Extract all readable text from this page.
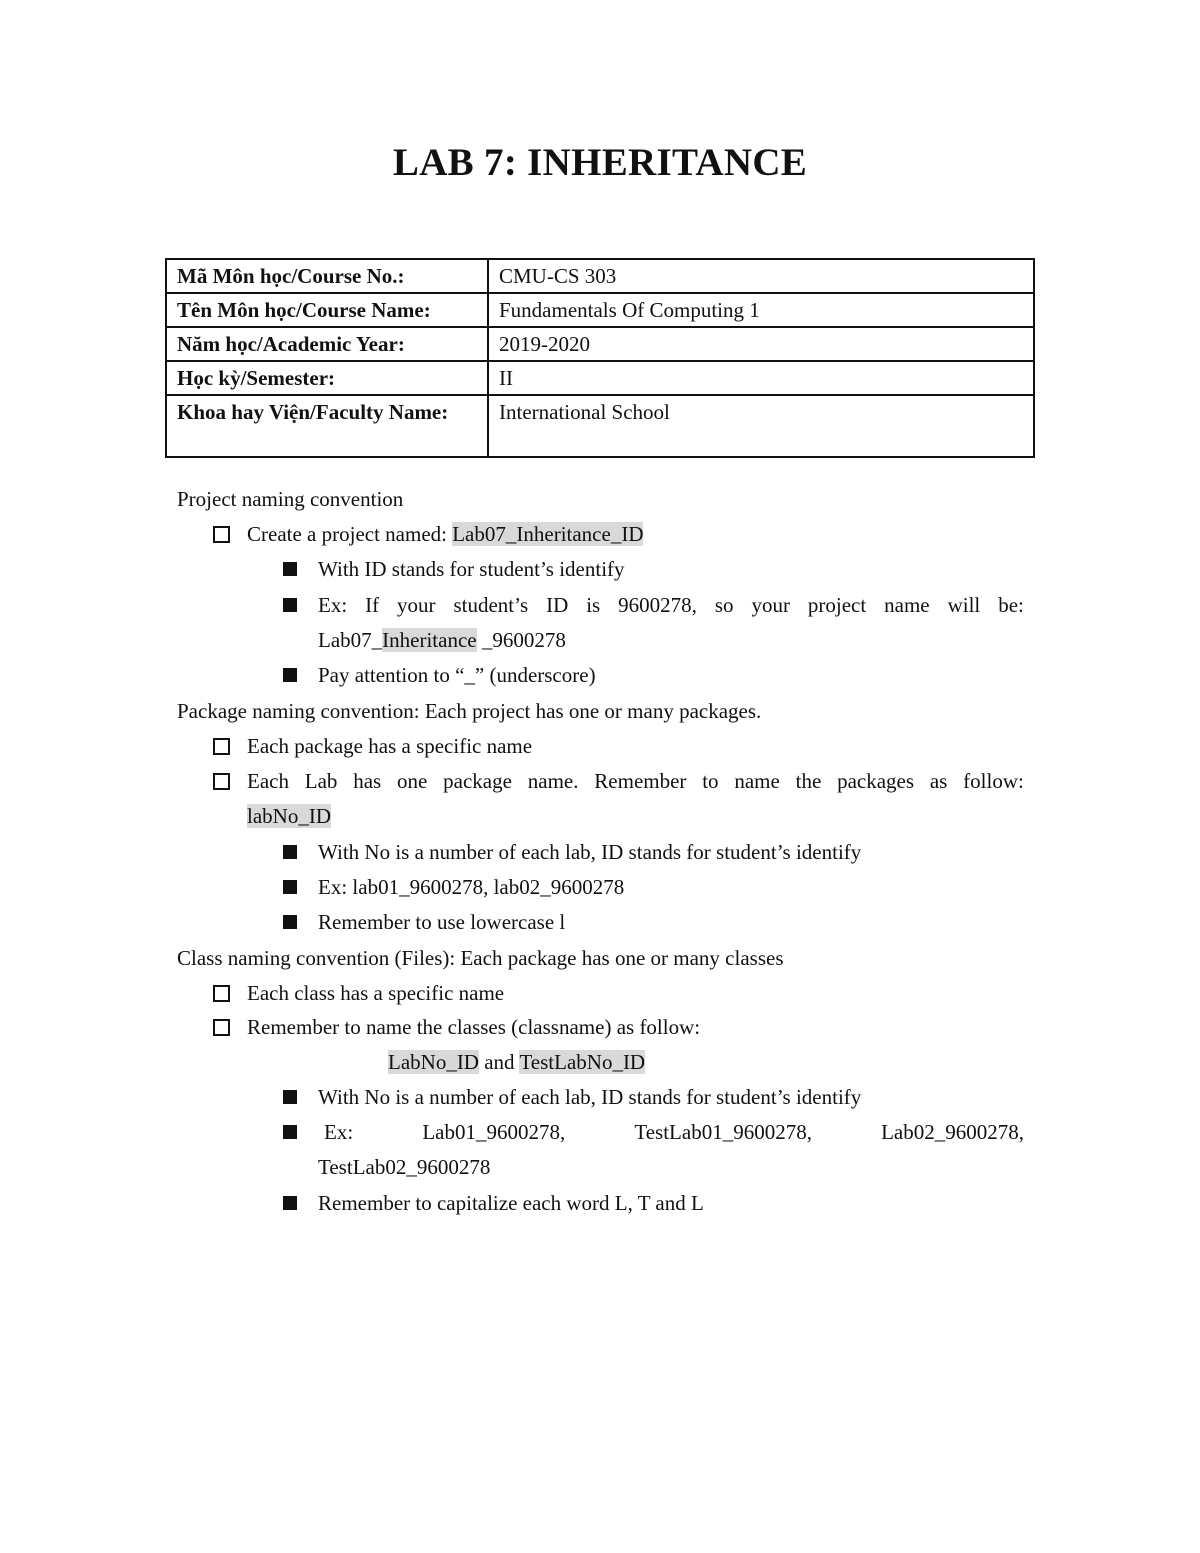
LAB 7: INHERITANCE
Mã Môn học/Course No.:	CMU-CS 303
Tên Môn học/Course Name:	Fundamentals Of Computing 1
Năm học/Academic Year:	2019-2020
Học kỳ/Semester:	II
Khoa hay Viện/Faculty Name:	International School
Project naming convention
Create a project named: Lab07_Inheritance_ID
With ID stands for student’s identify
Ex: If your student’s ID is 9600278, so your project name will be:
Lab07_Inheritance _9600278
Pay attention to “_” (underscore)
Package naming convention: Each project has one or many packages.
Each package has a specific name
Each Lab has one package name. Remember to name the packages as follow:
labNo_ID
With No is a number of each lab, ID stands for student’s identify
Ex: lab01_9600278, lab02_9600278
Remember to use lowercase l
Class naming convention (Files): Each package has one or many classes
Each class has a specific name
Remember to name the classes (classname) as follow:
LabNo_ID and TestLabNo_ID
With No is a number of each lab, ID stands for student’s identify
Ex:	Lab01_9600278,	TestLab01_9600278,	Lab02_9600278,
TestLab02_9600278
Remember to capitalize each word L, T and L
